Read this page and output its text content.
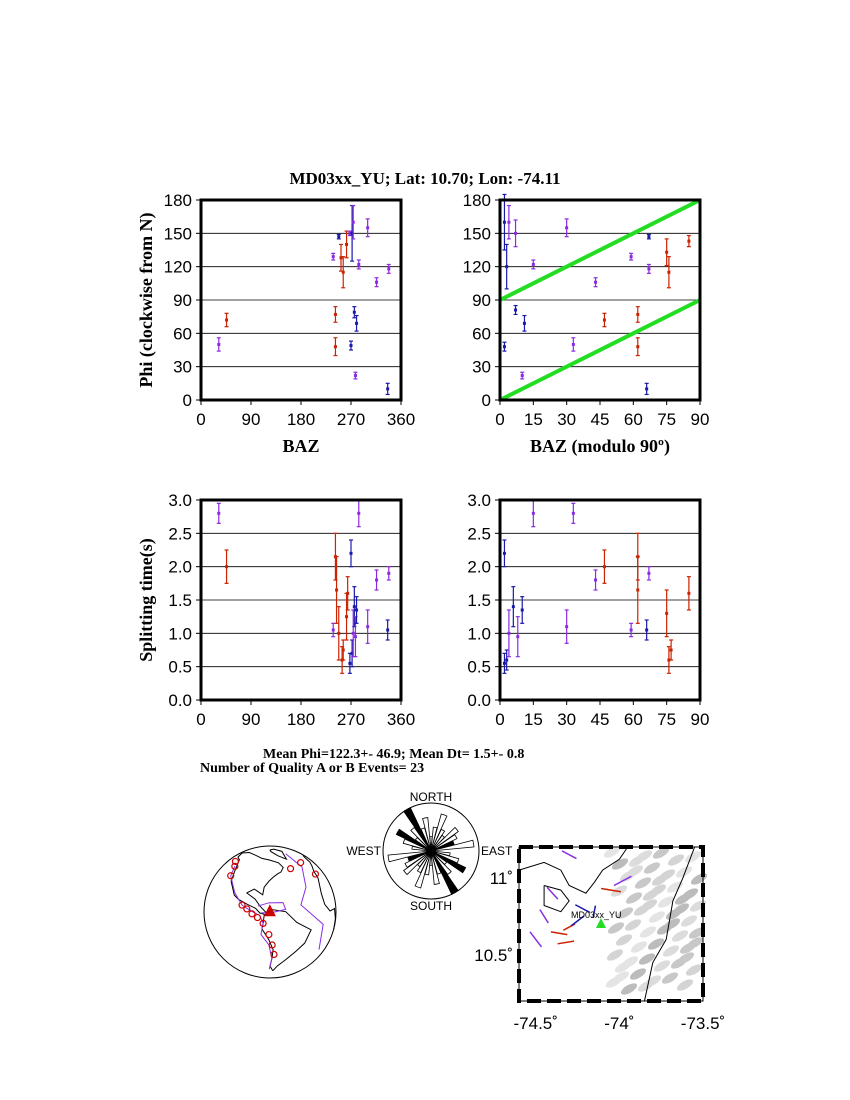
MD03xx_YU; Lat: 10.70; Lon: -74.11
0 90 180 270 360
0
30
60
90
120
150
180
BAZ
Phi (clockwise from N)
0 15 30 45 60 75 90
0
30
60
90
120
150
180
BAZ (modulo 90º)
0 90 180 270 360
0.0
0.5
1.0
1.5
2.0
2.5
3.0
Splitting time(s)
0 15 30 45 60 75 90
0.0
0.5
1.0
1.5
2.0
2.5
3.0
Mean Phi=122.3+- 46.9; Mean Dt= 1.5+- 0.8
Number of Quality A or B Events= 23
NORTH
SOUTH
EAST
WEST
MD03xx_YU
-74.5˚	-74˚	-73.5˚
11˚
10.5˚
